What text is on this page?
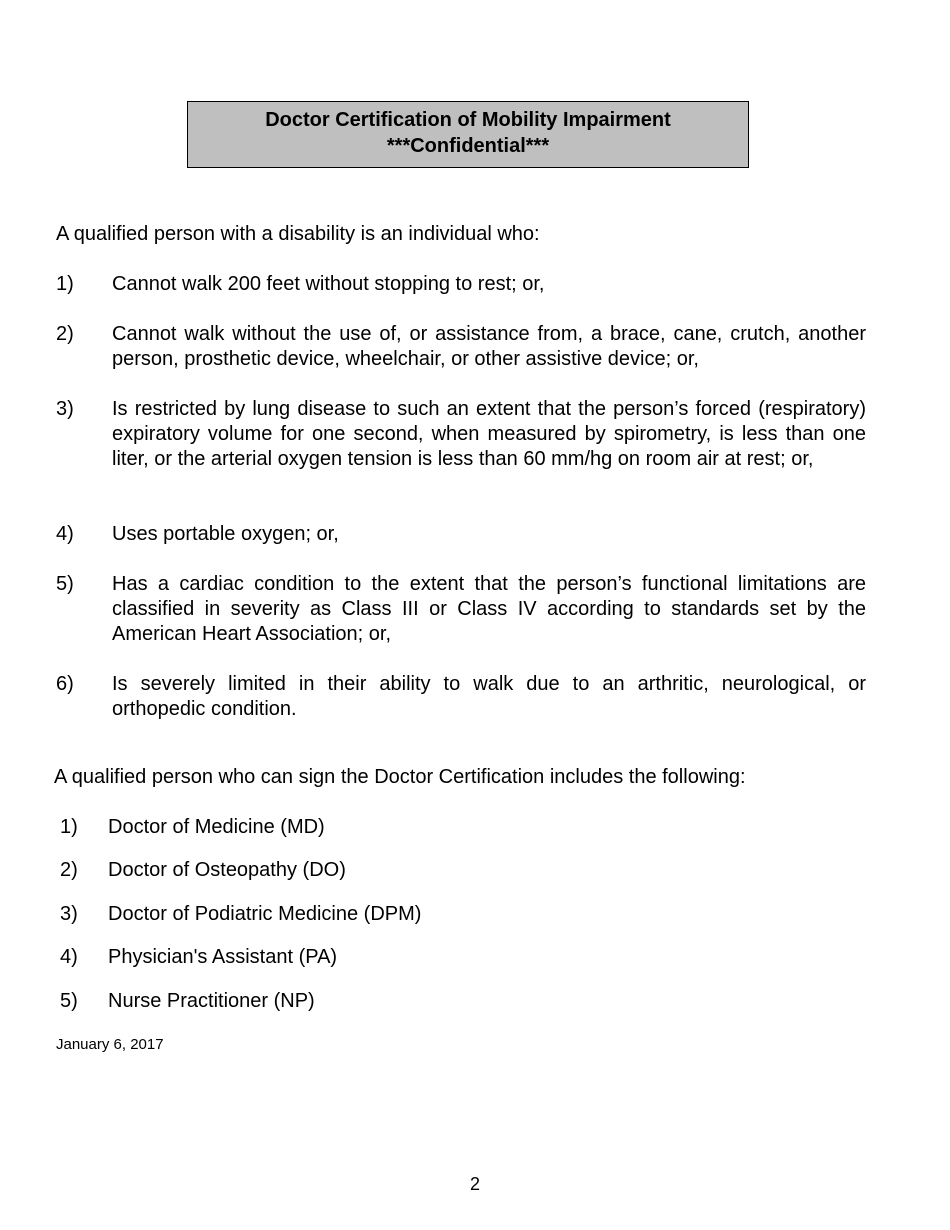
Doctor Certification of Mobility Impairment
***Confidential***
A qualified person with a disability is an individual who:
1) Cannot walk 200 feet without stopping to rest; or,
2) Cannot walk without the use of, or assistance from, a brace, cane, crutch, another person, prosthetic device, wheelchair, or other assistive device; or,
3) Is restricted by lung disease to such an extent that the person’s forced (respiratory) expiratory volume for one second, when measured by spirometry, is less than one liter, or the arterial oxygen tension is less than 60 mm/hg on room air at rest; or,
4) Uses portable oxygen; or,
5) Has a cardiac condition to the extent that the person’s functional limitations are classified in severity as Class III or Class IV according to standards set by the American Heart Association; or,
6) Is severely limited in their ability to walk due to an arthritic, neurological, or orthopedic condition.
A qualified person who can sign the Doctor Certification includes the following:
1) Doctor of Medicine (MD)
2) Doctor of Osteopathy (DO)
3) Doctor of Podiatric Medicine (DPM)
4) Physician's Assistant (PA)
5) Nurse Practitioner (NP)
January 6, 2017
2
